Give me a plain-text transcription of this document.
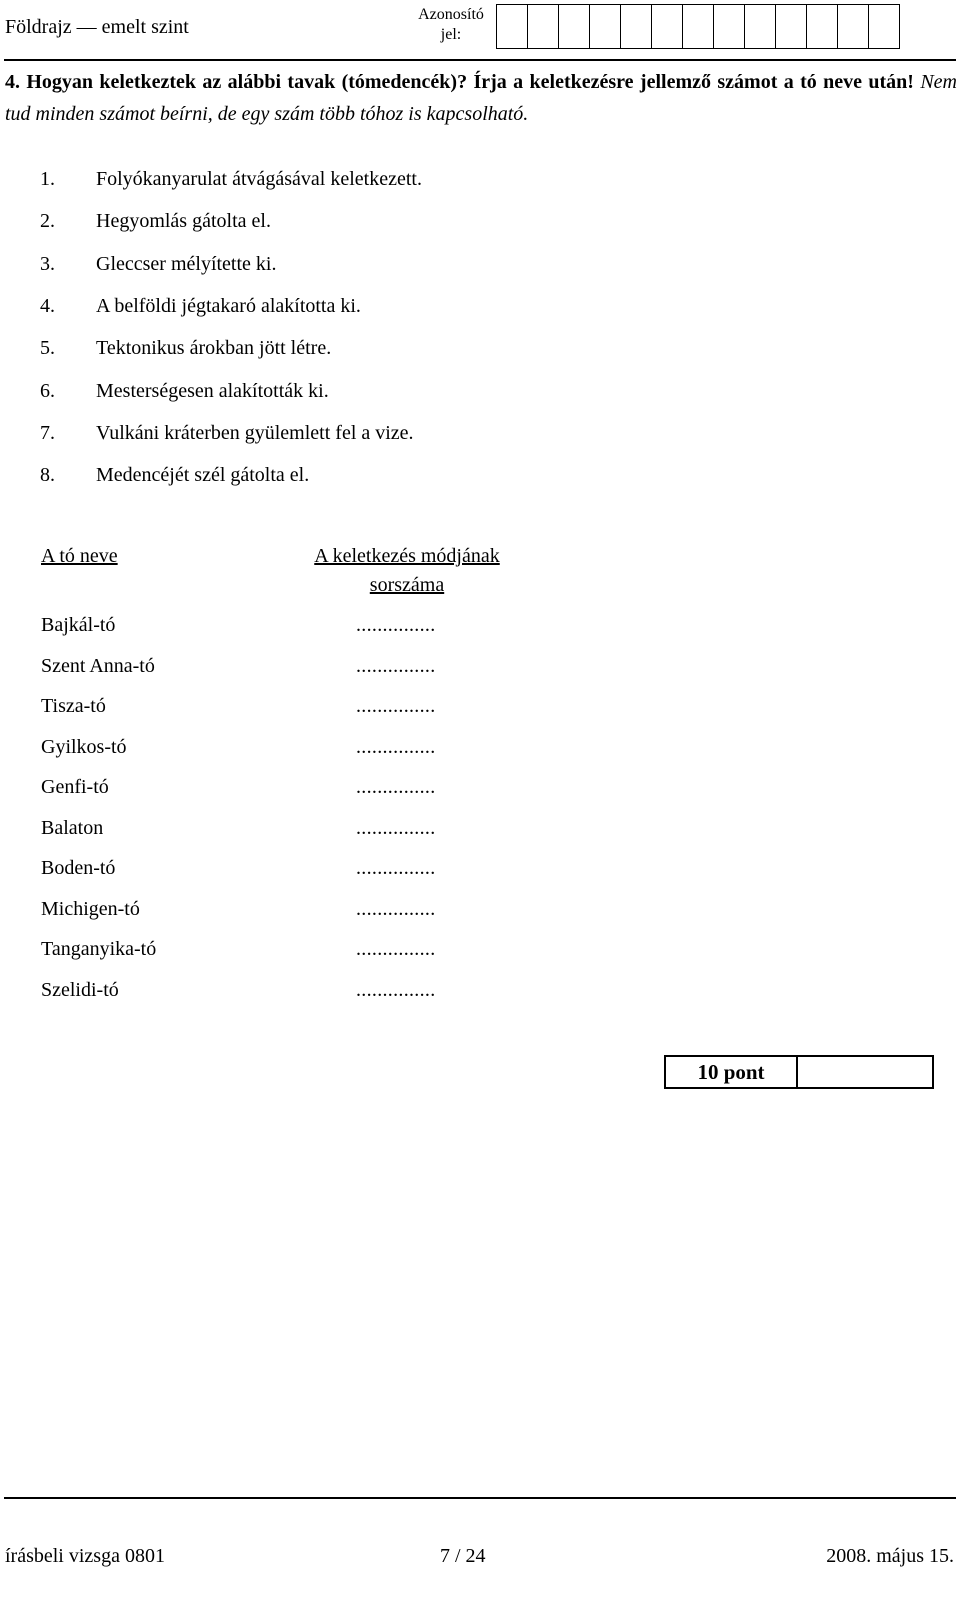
Földrajz — emelt szint
Azonosító jel:
4. Hogyan keletkeztek az alábbi tavak (tómedencék)? Írja a keletkezésre jellemző számot a tó neve után! Nem tud minden számot beírni, de egy szám több tóhoz is kapcsolható.
1.	Folyókanyarulat átvágásával keletkezett.
2.	Hegyomlás gátolta el.
3.	Gleccser mélyítette ki.
4.	A belföldi jégtakaró alakította ki.
5.	Tektonikus árokban jött létre.
6.	Mesterségesen alakították ki.
7.	Vulkáni kráterben gyülemlett fel a vize.
8.	Medencéjét szél gátolta el.
A tó neve	A keletkezés módjának sorszáma
Bajkál-tó	...............
Szent Anna-tó	...............
Tisza-tó	...............
Gyilkos-tó	...............
Genfi-tó	...............
Balaton	...............
Boden-tó	...............
Michigen-tó	...............
Tanganyika-tó	...............
Szelidi-tó	...............
10 pont
írásbeli vizsga 0801	7 / 24	2008. május 15.
